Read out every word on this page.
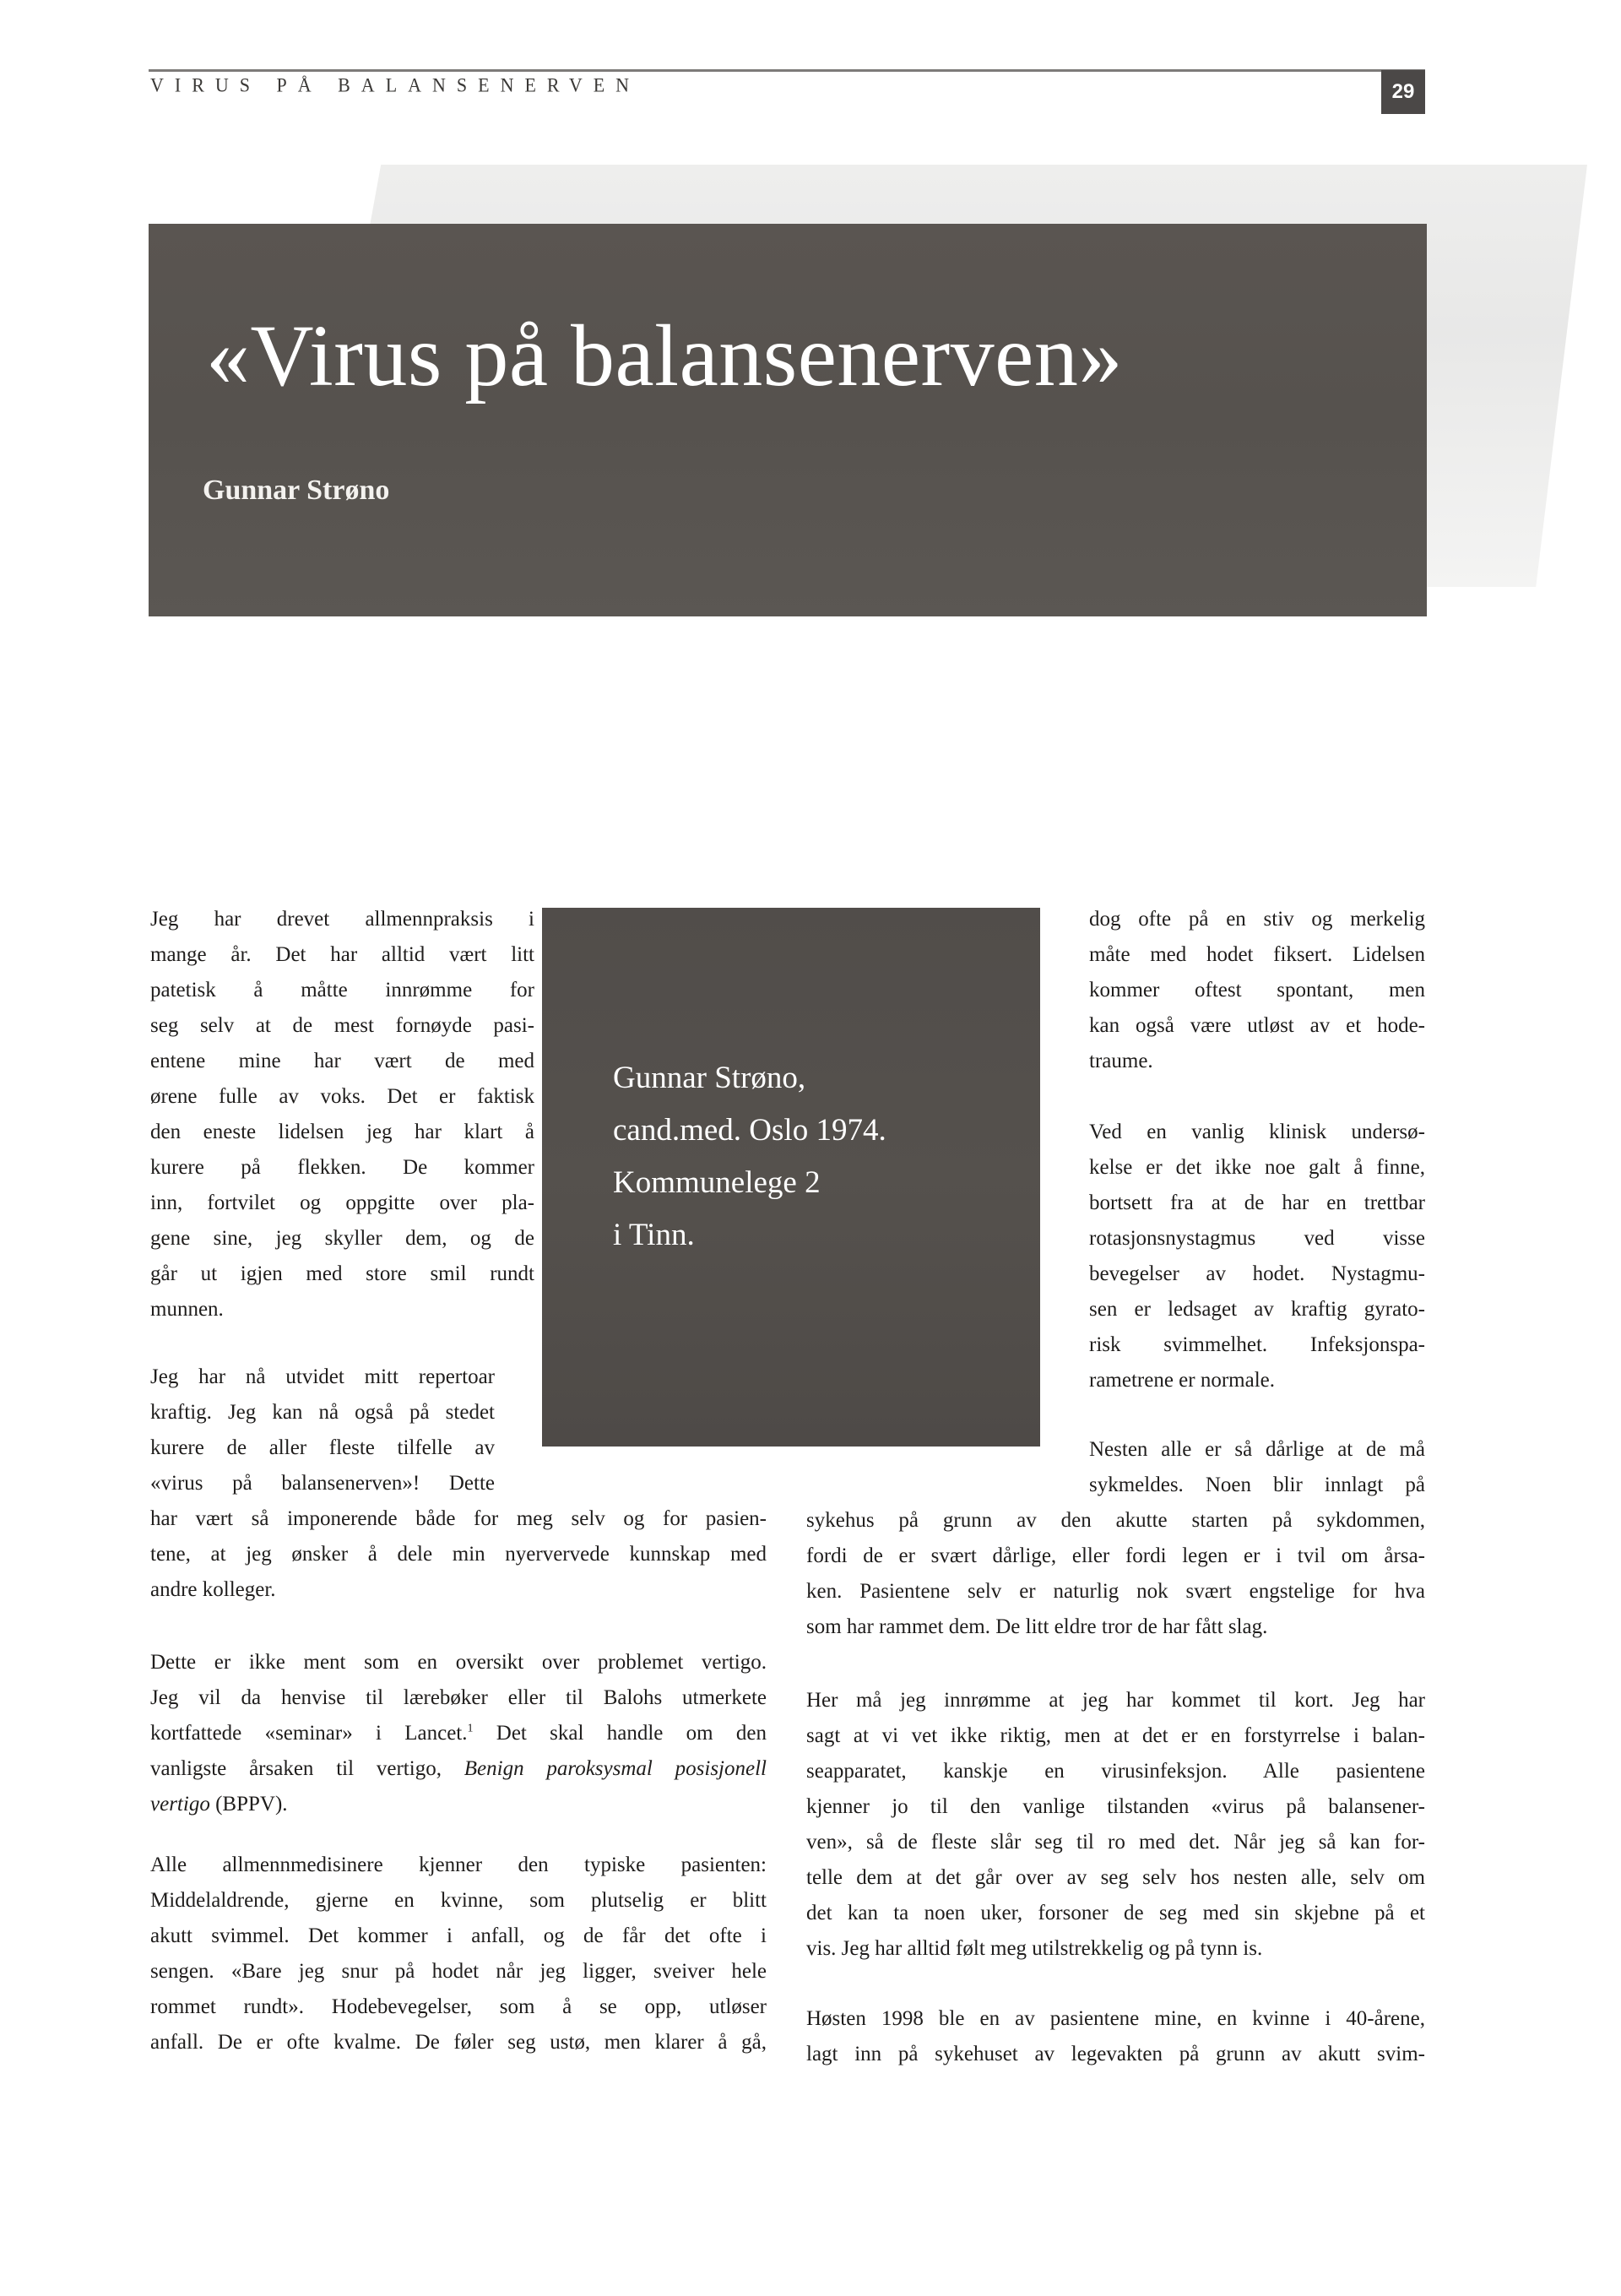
VIRUS PÅ BALANSENERVEN	29
«Virus på balansenerven»
Gunnar Strøno
Gunnar Strøno,
cand.med. Oslo 1974.
Kommunelege 2
i Tinn.
Jeg har drevet allmennpraksis i
mange år. Det har alltid vært litt
patetisk å måtte innrømme for
seg selv at de mest fornøyde pasi-
entene mine har vært de med
ørene fulle av voks. Det er faktisk
den eneste lidelsen jeg har klart å
kurere på flekken. De kommer
inn, fortvilet og oppgitte over pla-
gene sine, jeg skyller dem, og de
går ut igjen med store smil rundt
munnen.
Jeg har nå utvidet mitt repertoar
kraftig. Jeg kan nå også på stedet
kurere de aller fleste tilfelle av
«virus på balansenerven»! Dette
har vært så imponerende både for meg selv og for pasien-
tene, at jeg ønsker å dele min nyervervede kunnskap med
andre kolleger.
Dette er ikke ment som en oversikt over problemet vertigo.
Jeg vil da henvise til lærebøker eller til Balohs utmerkete
kortfattede «seminar» i Lancet.$^1$ Det skal handle om den
vanligste årsaken til vertigo, Benign paroksysmal posisjonell
vertigo (BPPV).
Alle allmennmedisinere kjenner den typiske pasienten:
Middelaldrende, gjerne en kvinne, som plutselig er blitt
akutt svimmel. Det kommer i anfall, og de får det ofte i
sengen. «Bare jeg snur på hodet når jeg ligger, sveiver hele
rommet rundt». Hodebevegelser, som å se opp, utløser
anfall. De er ofte kvalme. De føler seg ustø, men klarer å gå,
dog ofte på en stiv og merkelig
måte med hodet fiksert. Lidelsen
kommer oftest spontant, men
kan også være utløst av et hode-
traume.
Ved en vanlig klinisk undersø-
kelse er det ikke noe galt å finne,
bortsett fra at de har en trettbar
rotasjonsnystagmus ved visse
bevegelser av hodet. Nystagmu-
sen er ledsaget av kraftig gyrato-
risk svimmelhet. Infeksjonspa-
rametrene er normale.
Nesten alle er så dårlige at de må
sykmeldes. Noen blir innlagt på
sykehus på grunn av den akutte starten på sykdommen,
fordi de er svært dårlige, eller fordi legen er i tvil om årsa-
ken. Pasientene selv er naturlig nok svært engstelige for hva
som har rammet dem. De litt eldre tror de har fått slag.
Her må jeg innrømme at jeg har kommet til kort. Jeg har
sagt at vi vet ikke riktig, men at det er en forstyrrelse i balan-
seapparatet, kanskje en virusinfeksjon. Alle pasientene
kjenner jo til den vanlige tilstanden «virus på balansener-
ven», så de fleste slår seg til ro med det. Når jeg så kan for-
telle dem at det går over av seg selv hos nesten alle, selv om
det kan ta noen uker, forsoner de seg med sin skjebne på et
vis. Jeg har alltid følt meg utilstrekkelig og på tynn is.
Høsten 1998 ble en av pasientene mine, en kvinne i 40-årene,
lagt inn på sykehuset av legevakten på grunn av akutt svim-
